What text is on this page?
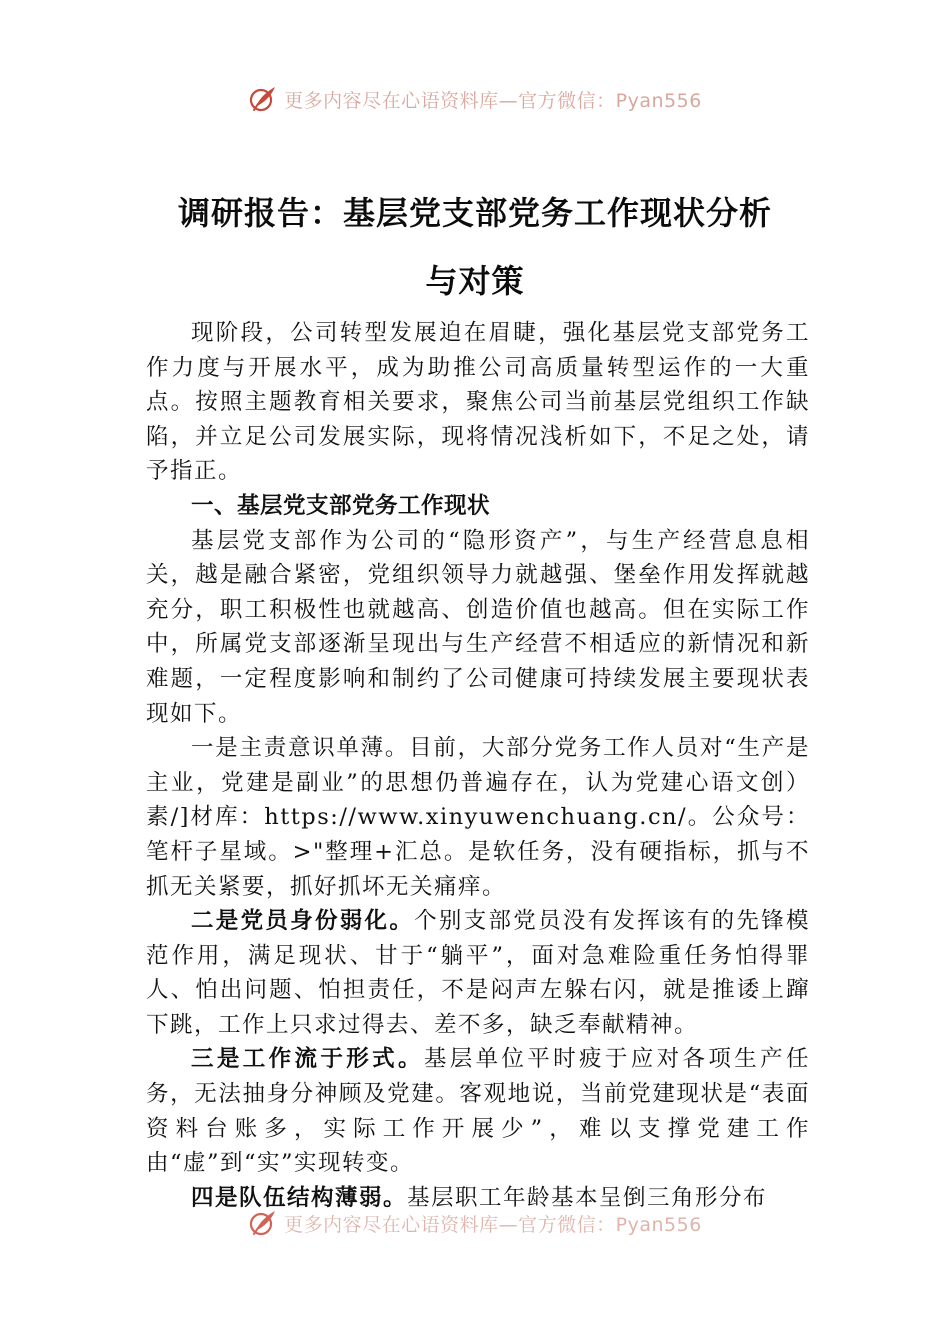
更多内容尽在心语资料库—官方微信：Pyan556
调研报告：基层党支部党务工作现状分析
与对策

现阶段，公司转型发展迫在眉睫，强化基层党支部党务工作力度与开展水平，成为助推公司高质量转型运作的一大重点。按照主题教育相关要求，聚焦公司当前基层党组织工作缺陷，并立足公司发展实际，现将情况浅析如下，不足之处，请予指正。

一、基层党支部党务工作现状

基层党支部作为公司的“隐形资产”，与生产经营息息相关，越是融合紧密，党组织领导力就越强、堡垒作用发挥就越充分，职工积极性也就越高、创造价值也越高。但在实际工作中，所属党支部逐渐呈现出与生产经营不相适应的新情况和新难题，一定程度影响和制约了公司健康可持续发展主要现状表现如下。

一是主责意识单薄。目前，大部分党务工作人员对“生产是主业，党建是副业”的思想仍普遍存在，认为党建心语文创）素/]材库：https://www.xinyuwenchuang.cn/。公众号：笔杆子星域。>"整理+汇总。是软任务，没有硬指标，抓与不抓无关紧要，抓好抓坏无关痛痒。

二是党员身份弱化。个别支部党员没有发挥该有的先锋模范作用，满足现状、甘于“躺平”，面对急难险重任务怕得罪人、怕出问题、怕担责任，不是闷声左躲右闪，就是推诿上蹿下跳，工作上只求过得去、差不多，缺乏奉献精神。

三是工作流于形式。基层单位平时疲于应对各项生产任务，无法抽身分神顾及党建。客观地说，当前党建现状是“表面资料台账多，实际工作开展少”，难以支撑党建工作由“虚”到“实”实现转变。

四是队伍结构薄弱。基层职工年龄基本呈倒三角形分布

更多内容尽在心语资料库—官方微信：Pyan556
